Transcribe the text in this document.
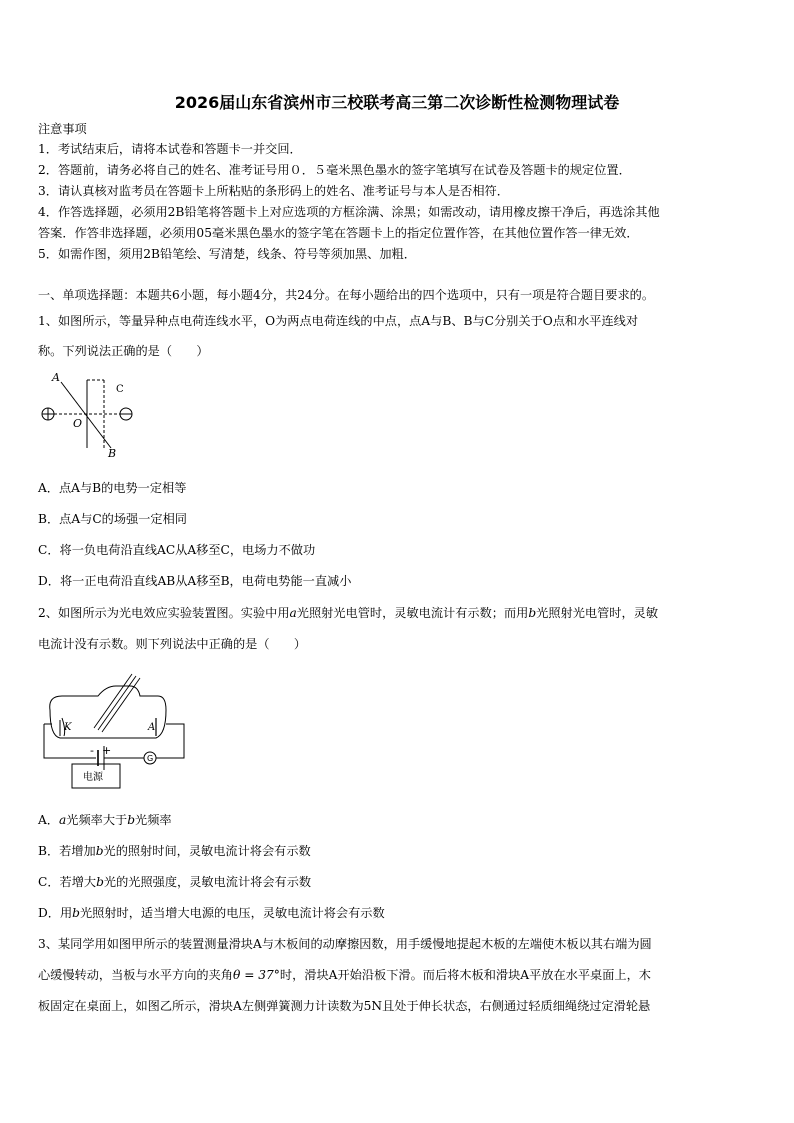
2026届山东省滨州市三校联考高三第二次诊断性检测物理试卷
注意事项
1．考试结束后，请将本试卷和答题卡一并交回．
2．答题前，请务必将自己的姓名、准考证号用０．５毫米黑色墨水的签字笔填写在试卷及答题卡的规定位置．
3．请认真核对监考员在答题卡上所粘贴的条形码上的姓名、准考证号与本人是否相符．
4．作答选择题，必须用2B铅笔将答题卡上对应选项的方框涂满、涂黑；如需改动，请用橡皮擦干净后，再选涂其他
答案．作答非选择题，必须用05毫米黑色墨水的签字笔在答题卡上的指定位置作答，在其他位置作答一律无效．
5．如需作图，须用2B铅笔绘、写清楚，线条、符号等须加黑、加粗．
一、单项选择题：本题共6小题，每小题4分，共24分。在每小题给出的四个选项中，只有一项是符合题目要求的。
1、如图所示，等量异种点电荷连线水平，O为两点电荷连线的中点，点A与B、B与C分别关于O点和水平连线对
称。下列说法正确的是（　　）
A
C
O
B
A．点A与B的电势一定相等
B．点A与C的场强一定相同
C．将一负电荷沿直线AC从A移至C，电场力不做功
D．将一正电荷沿直线AB从A移至B，电荷电势能一直减小
2、如图所示为光电效应实验装置图。实验中用a光照射光电管时，灵敏电流计有示数；而用b光照射光电管时，灵敏
电流计没有示数。则下列说法中正确的是（　　）
K	A
- +
G
电源
A．a光频率大于b光频率
B．若增加b光的照射时间，灵敏电流计将会有示数
C．若增大b光的光照强度，灵敏电流计将会有示数
D．用b光照射时，适当增大电源的电压，灵敏电流计将会有示数
3、某同学用如图甲所示的装置测量滑块A与木板间的动摩擦因数，用手缓慢地提起木板的左端使木板以其右端为圆
心缓慢转动，当板与水平方向的夹角θ = 37°时，滑块A开始沿板下滑。而后将木板和滑块A平放在水平桌面上，木
板固定在桌面上，如图乙所示，滑块A左侧弹簧测力计读数为5N且处于伸长状态，右侧通过轻质细绳绕过定滑轮悬
